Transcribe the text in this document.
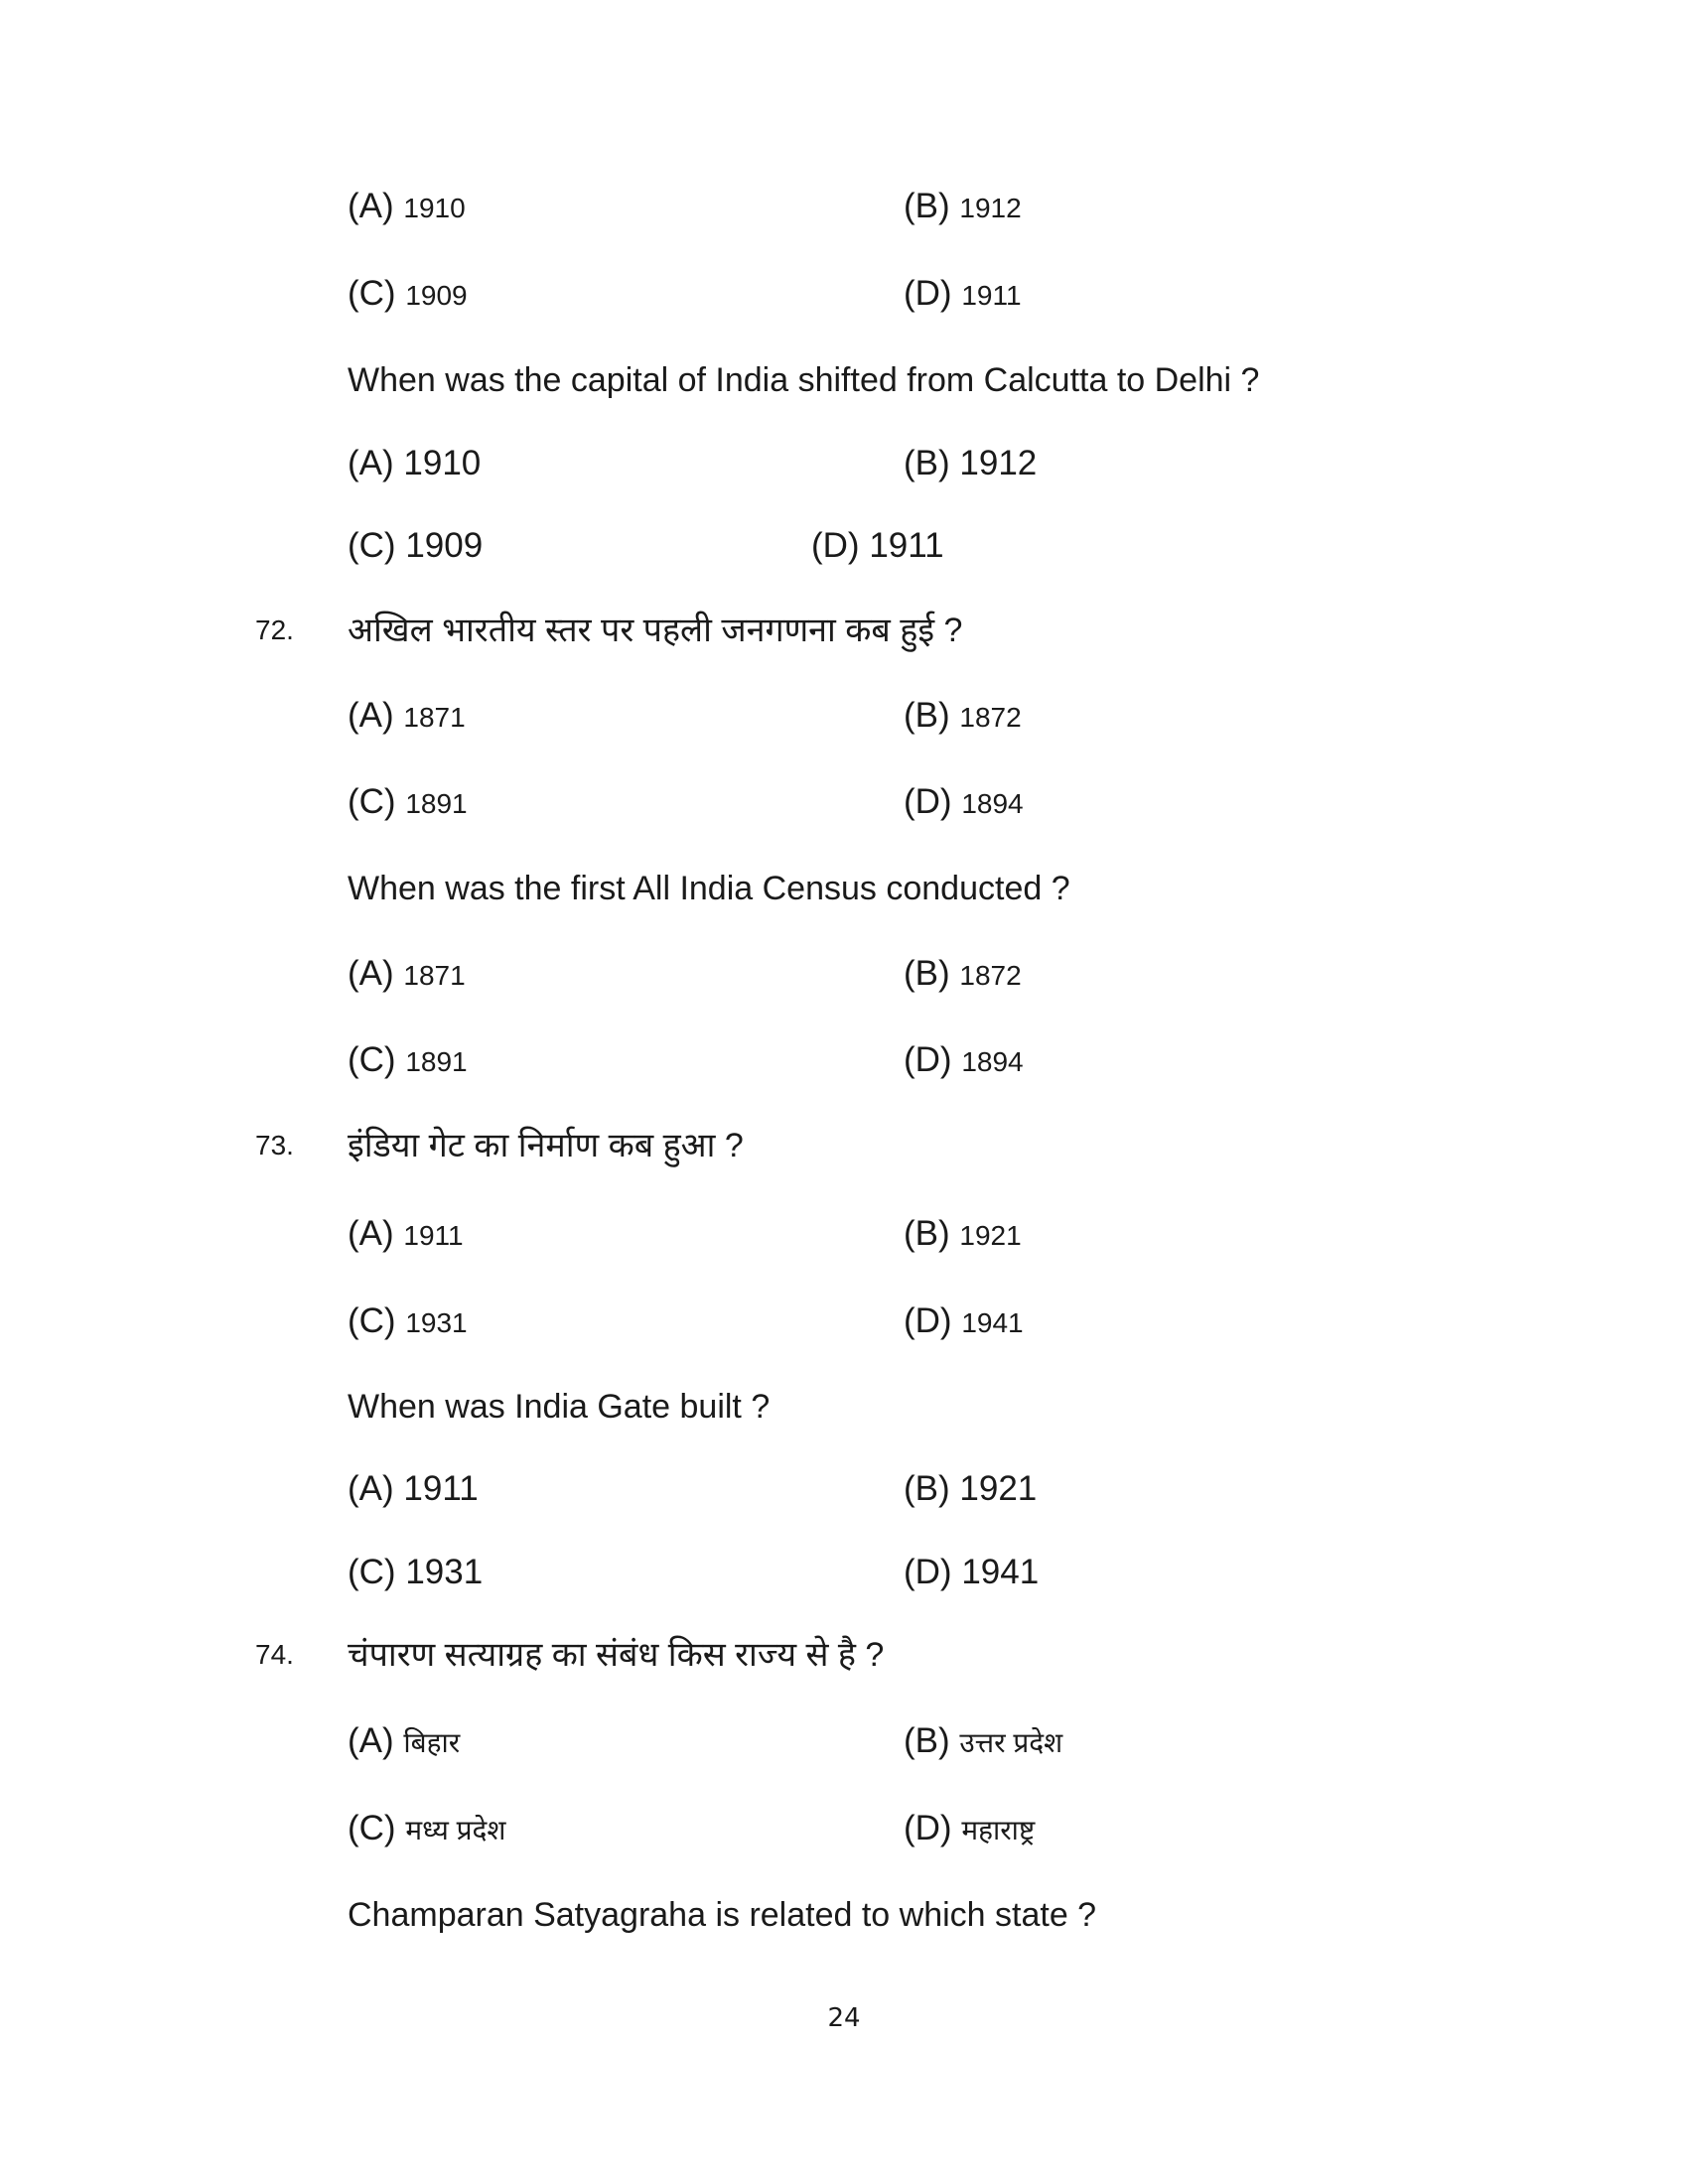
(A) 1910	(B) 1912
(C) 1909	(D) 1911
When was the capital of India shifted from Calcutta to Delhi ?
(A) 1910	(B) 1912
(C) 1909	(D) 1911
72. अखिल भारतीय स्तर पर पहली जनगणना कब हुई ?
(A) 1871	(B) 1872
(C) 1891	(D) 1894
When was the first All India Census conducted ?
(A) 1871	(B) 1872
(C) 1891	(D) 1894
73. इंडिया गेट का निर्माण कब हुआ ?
(A) 1911	(B) 1921
(C) 1931	(D) 1941
When was India Gate built ?
(A) 1911	(B) 1921
(C) 1931	(D) 1941
74. चंपारण सत्याग्रह का संबंध किस राज्य से है ?
(A) बिहार	(B) उत्तर प्रदेश
(C) मध्य प्रदेश	(D) महाराष्ट्र
Champaran Satyagraha is related to which state ?
24
